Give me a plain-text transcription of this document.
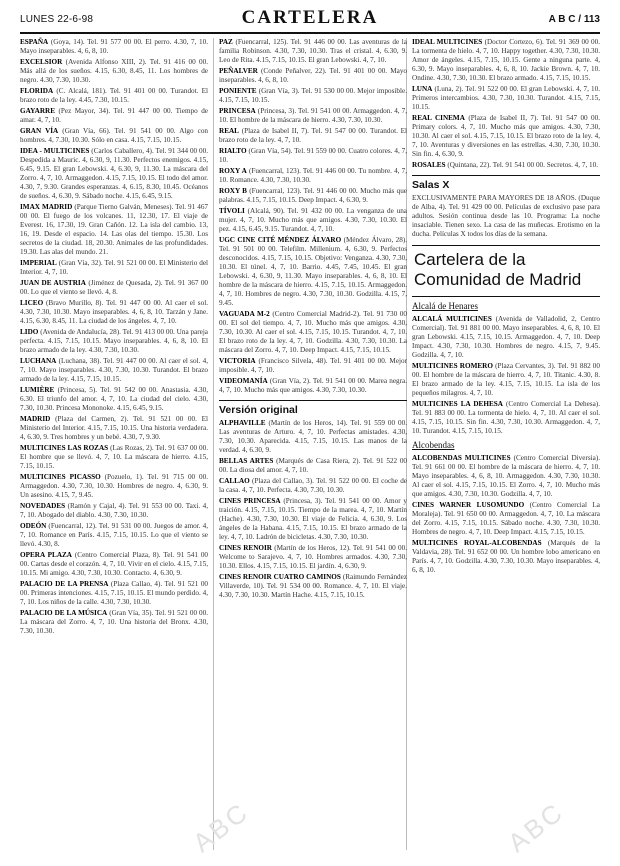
LUNES 22-6-98	CARTELERA	A B C / 113

ESPAÑA (Goya, 14). Tel. 91 577 00 00. El perro. 4.30, 7, 10. Mayo inseparables. 4, 6, 8, 10.

EXCELSIOR (Avenida Alfonso XIII, 2). Tel. 91 416 00 00. Más allá de los sueños. 4.15, 6.30, 8.45, 11. Los hombres de negro. 4.30, 7.30, 10.30.

FLORIDA (C. Alcalá, 181). Tel. 91 401 00 00. Turandot. El brazo roto de la ley. 4.45, 7.30, 10.15.

GAYARRE (Pez Mayor, 34). Tel. 91 447 00 00. Tiempo de amar. 4, 7, 10.

GRAN VÍA (Gran Vía, 66). Tel. 91 541 00 00. Algo con hombres. 4, 7.30, 10.30. Sólo en casa. 4.15, 7.15, 10.15.

IDEA - MULTICINES (Carlos Caballero, 4). Tel. 91 344 00 00. Despedida a Mauric. 4, 6.30, 9, 11.30. Perfectos enemigos. 4.15, 6.45, 9.15. El gran Lebowski. 4, 6.30, 9, 11.30. La máscara del Zorro. 4, 7, 10. Armaggedon. 4.15, 7.15, 10.15. El todo del amor. 4.30, 7, 9.30. Grandes esperanzas. 4, 6.15, 8.30, 10.45. Océanos de sueños. 4, 6.30, 9. Sábado noche. 4.15, 6.45, 9.15.

IMAX MADRID (Parque Tierno Galván, Meneses). Tel. 91 467 00 00. El fuego de los volcanes. 11, 12.30, 17. El viaje de Everest. 16, 17.30, 19. Gran Cañón. 12. La isla del cambio. 13, 16, 19. Desde el espacio. 14. Las olas del tiempo. 15.30. Los secretos de la ciudad. 18, 20.30. Animales de las profundidades. 19.30. Las alas del mundo. 21.

IMPERIAL (Gran Vía, 32). Tel. 91 521 00 00. El Ministerio del Interior. 4, 7, 10.

JUAN DE AUSTRIA (Jiménez de Quesada, 2). Tel. 91 367 00 00. Lo que el viento se llevó. 4, 8.

LICEO (Bravo Murillo, 8). Tel. 91 447 00 00. Al caer el sol. 4.30, 7.30, 10.30. Mayo inseparables. 4, 6, 8, 10. Tarzán y Jane. 4.15, 6.30, 8.45, 11. La ciudad de los ángeles. 4, 7, 10.

LIDO (Avenida de Andalucía, 28). Tel. 91 413 00 00. Una pareja perfecta. 4.15, 7.15, 10.15. Mayo inseparables. 4, 6, 8, 10. El brazo armado de la ley. 4.30, 7.30, 10.30.

LUCHANA (Luchana, 38). Tel. 91 447 00 00. Al caer el sol. 4, 7, 10. Mayo inseparables. 4.30, 7.30, 10.30. Turandot. El brazo armado de la ley. 4.15, 7.15, 10.15.

LUMIÈRE (Princesa, 5). Tel. 91 542 00 00. Anastasia. 4.30, 6.30. El triunfo del amor. 4, 7, 10. La ciudad del cielo. 4.30, 7.30, 10.30. Princesa Mononoke. 4.15, 6.45, 9.15.

MADRID (Plaza del Carmen, 2). Tel. 91 521 00 00. El Ministerio del Interior. 4.15, 7.15, 10.15. Una historia verdadera. 4, 6.30, 9. Tres hombres y un bebé. 4.30, 7, 9.30.

MULTICINES LAS ROZAS (Las Rozas, 2). Tel. 91 637 00 00. El hombre que se llevó. 4, 7, 10. La máscara de hierro. 4.15, 7.15, 10.15.

MULTICINES PICASSO (Pozuelo, 1). Tel. 91 715 00 00. Armaggedon. 4.30, 7.30, 10.30. Hombres de negro. 4, 6.30, 9. Un asesino. 4.15, 7, 9.45.

NOVEDADES (Ramón y Cajal, 4). Tel. 91 553 00 00. Taxi. 4, 7, 10. Abogado del diablo. 4.30, 7.30, 10.30.

ODEÓN (Fuencarral, 12). Tel. 91 531 00 00. Juegos de amor. 4, 7, 10. Romance en París. 4.15, 7.15, 10.15. Lo que el viento se llevó. 4.30, 8.

OPERA PLAZA (Centro Comercial Plaza, 8). Tel. 91 541 00 00. Cartas desde el corazón. 4, 7, 10. Vivir en el cielo. 4.15, 7.15, 10.15. Mi amigo. 4.30, 7.30, 10.30. Contacto. 4, 6.30, 9.

PALACIO DE LA PRENSA (Plaza Callao, 4). Tel. 91 521 00 00. Primeras intenciones. 4.15, 7.15, 10.15. El mundo perdido. 4, 7, 10. Los niños de la calle. 4.30, 7.30, 10.30.

PALACIO DE LA MÚSICA (Gran Vía, 35). Tel. 91 521 00 00. La máscara del Zorro. 4, 7, 10. Una historia del Bronx. 4.30, 7.30, 10.30.

PAZ (Fuencarral, 125). Tel. 91 446 00 00. Las aventuras de la familia Robinson. 4.30, 7.30, 10.30. Tras el cristal. 4, 6.30, 9. Leo de Rita. 4.15, 7.15, 10.15. El gran Lebowski. 4, 7, 10.

PEÑALVER (Conde Peñalver, 22). Tel. 91 401 00 00. Mayo inseparables. 4, 6, 8, 10.

PONIENTE (Gran Vía, 3). Tel. 91 530 00 00. Mejor imposible. 4.15, 7.15, 10.15.

PRINCESA (Princesa, 3). Tel. 91 541 00 00. Armaggedon. 4, 7, 10. El hombre de la máscara de hierro. 4.30, 7.30, 10.30.

REAL (Plaza de Isabel II, 7). Tel. 91 547 00 00. Turandot. El brazo roto de la ley. 4, 7, 10.

RIALTO (Gran Vía, 54). Tel. 91 559 00 00. Cuatro colores. 4, 7, 10.

ROXY A (Fuencarral, 123). Tel. 91 446 00 00. Tu nombre. 4, 7, 10. Romance. 4.30, 7.30, 10.30.

ROXY B (Fuencarral, 123). Tel. 91 446 00 00. Mucho más que palabras. 4.15, 7.15, 10.15. Deep Impact. 4, 6.30, 9.

TÍVOLI (Alcalá, 90). Tel. 91 432 00 00. La venganza de una mujer. 4, 7, 10. Mucho más que amigos. 4.30, 7.30, 10.30. El pez. 4.15, 6.45, 9.15. Turandot. 4, 7, 10.

UGC CINE CITÉ MÉNDEZ ÁLVARO (Méndez Álvaro, 28). Tel. 91 501 00 00. Telefilm. Millenium. 4, 6.30, 9. Perfectos desconocidos. 4.15, 7.15, 10.15. Objetivo: Venganza. 4.30, 7.30, 10.30. El túnel. 4, 7, 10. Barrio. 4.45, 7.45, 10.45. El gran Lebowski. 4, 6.30, 9, 11.30. Mayo inseparables. 4, 6, 8, 10. El hombre de la máscara de hierro. 4.15, 7.15, 10.15. Armaggedon. 4, 7, 10. Hombres de negro. 4.30, 7.30, 10.30. Godzilla. 4.15, 7, 9.45.

VAGUADA M-2 (Centro Comercial Madrid-2). Tel. 91 730 00 00. El sol del tiempo. 4, 7, 10. Mucho más que amigos. 4.30, 7.30, 10.30. Al caer el sol. 4.15, 7.15, 10.15. Turandot. 4, 7, 10. El brazo roto de la ley. 4, 7, 10. Godzilla. 4.30, 7.30, 10.30. La máscara del Zorro. 4, 7, 10. Deep Impact. 4.15, 7.15, 10.15.

VICTORIA (Francisco Silvela, 48). Tel. 91 401 00 00. Mejor imposible. 4, 7, 10.

VIDEOMANÍA (Gran Vía, 2). Tel. 91 541 00 00. Marea negra. 4, 7, 10. Mucho más que amigos. 4.30, 7.30, 10.30.

Versión original

ALPHAVILLE (Martín de los Heros, 14). Tel. 91 559 00 00. Las aventuras de Arturo. 4, 7, 10. Perfectas amistades. 4.30, 7.30, 10.30. Aparecida. 4.15, 7.15, 10.15. Las manos de la verdad. 4, 6.30, 9.

BELLAS ARTES (Marqués de Casa Riera, 2). Tel. 91 522 00 00. La diosa del amor. 4, 7, 10.

CALLAO (Plaza del Callao, 3). Tel. 91 522 00 00. El coche de la casa. 4, 7, 10. Perfecta. 4.30, 7.30, 10.30.

CINES PRINCESA (Princesa, 3). Tel. 91 541 00 00. Amor y traición. 4.15, 7.15, 10.15. Tiempo de la marea. 4, 7, 10. Martín (Hache). 4.30, 7.30, 10.30. El viaje de Felicia. 4, 6.30, 9. Los ángeles de la Habana. 4.15, 7.15, 10.15. El brazo armado de la ley. 4, 7, 10. Ladrón de bicicletas. 4.30, 7.30, 10.30.

CINES RENOIR (Martín de los Heros, 12). Tel. 91 541 00 00. Welcome to Sarajevo. 4, 7, 10. Hombres armados. 4.30, 7.30, 10.30. Ellos. 4.15, 7.15, 10.15. El jardín. 4, 6.30, 9.

CINES RENOIR CUATRO CAMINOS (Raimundo Fernández Villaverde, 10). Tel. 91 534 00 00. Romance. 4, 7, 10. El viaje. 4.30, 7.30, 10.30. Martín Hache. 4.15, 7.15, 10.15.

IDEAL MULTICINES (Doctor Cortezo, 6). Tel. 91 369 00 00. La tormenta de hielo. 4, 7, 10. Happy together. 4.30, 7.30, 10.30. Amor de ángeles. 4.15, 7.15, 10.15. Gente a ninguna parte. 4, 6.30, 9. Mayo inseparables. 4, 6, 8, 10. Jackie Brown. 4, 7, 10. Ondine. 4.30, 7.30, 10.30. El brazo armado. 4.15, 7.15, 10.15.

LUNA (Luna, 2). Tel. 91 522 00 00. El gran Lebowski. 4, 7, 10. Primeros intercambios. 4.30, 7.30, 10.30. Turandot. 4.15, 7.15, 10.15.

REAL CINEMA (Plaza de Isabel II, 7). Tel. 91 547 00 00. Primary colors. 4, 7, 10. Mucho más que amigos. 4.30, 7.30, 10.30. Al caer el sol. 4.15, 7.15, 10.15. El brazo roto de la ley. 4, 7, 10. Aventuras y diversiones en las estrellas. 4.30, 7.30, 10.30. Sin fin. 4, 6.30, 9.

ROSALES (Quintana, 22). Tel. 91 541 00 00. Secretos. 4, 7, 10.

Salas X

EXCLUSIVAMENTE PARA MAYORES DE 18 AÑOS. (Duque de Alba, 4). Tel. 91 429 00 00. Películas de exclusivo pase para adultos. Sesión continua desde las 10. Programa: La noche insaciable. Tienen sexo. La casa de las muñecas. Erotismo en la ducha. Películas X todos los días de la semana.

Cartelera de la
Comunidad de Madrid
Alcalá de Henares

ALCALÁ MULTICINES (Avenida de Valladolid, 2, Centro Comercial). Tel. 91 881 00 00. Mayo inseparables. 4, 6, 8, 10. El gran Lebowski. 4.15, 7.15, 10.15. Armaggedon. 4, 7, 10. Deep Impact. 4.30, 7.30, 10.30. Hombres de negro. 4.15, 7, 9.45. Godzilla. 4, 7, 10.

MULTICINES ROMERO (Plaza Cervantes, 3). Tel. 91 882 00 00. El hombre de la máscara de hierro. 4, 7, 10. Titanic. 4.30, 8. El brazo armado de la ley. 4.15, 7.15, 10.15. La isla de los pequeños milagros. 4, 7, 10.

MULTICINES LA DEHESA (Centro Comercial La Dehesa). Tel. 91 883 00 00. La tormenta de hielo. 4, 7, 10. Al caer el sol. 4.15, 7.15, 10.15. Sin fin. 4.30, 7.30, 10.30. Armaggedon. 4, 7, 10. Turandot. 4.15, 7.15, 10.15.

Alcobendas

ALCOBENDAS MULTICINES (Centro Comercial Diversia). Tel. 91 661 00 00. El hombre de la máscara de hierro. 4, 7, 10. Mayo inseparables. 4, 6, 8, 10. Armaggedon. 4.30, 7.30, 10.30. Al caer el sol. 4.15, 7.15, 10.15. El Zorro. 4, 7, 10. Mucho más que amigos. 4.30, 7.30, 10.30. Godzilla. 4, 7, 10.

CINES WARNER LUSOMUNDO (Centro Comercial La Moraleja). Tel. 91 650 00 00. Armaggedon. 4, 7, 10. La máscara del Zorro. 4.15, 7.15, 10.15. Sábado noche. 4.30, 7.30, 10.30. Hombres de negro. 4, 7, 10. Deep Impact. 4.15, 7.15, 10.15.

MULTICINES ROYAL-ALCOBENDAS (Marqués de la Valdavia, 28). Tel. 91 652 00 00. Un hombre lobo americano en París. 4, 7, 10. Godzilla. 4.30, 7.30, 10.30. Mayo inseparables. 4, 6, 8, 10.

ABC	ABC
